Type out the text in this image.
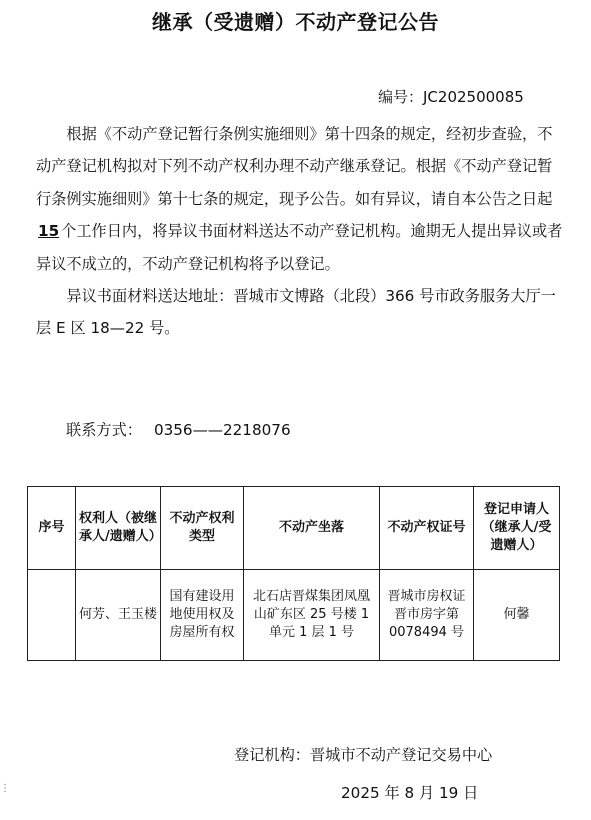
继承（受遗赠）不动产登记公告
编号：JC202500085

根据《不动产登记暂行条例实施细则》第十四条的规定，经初步查验，不动产登记机构拟对下列不动产权利办理不动产继承登记。根据《不动产登记暂行条例实施细则》第十七条的规定，现予公告。如有异议，请自本公告之日起15 个工作日内，将异议书面材料送达不动产登记机构。逾期无人提出异议或者异议不成立的，不动产登记机构将予以登记。

异议书面材料送达地址：晋城市文博路（北段）366 号市政务服务大厅一层 E 区 18—22 号。

联系方式： 0356——2218076
序号	权利人（被继承人/遗赠人）	不动产权利类型	不动产坐落	不动产权证号	登记申请人（继承人/受遗赠人）
	何芳、王玉楼	国有建设用地使用权及房屋所有权	北石店晋煤集团凤凰山矿东区 25 号楼 1 单元 1 层 1 号	晋城市房权证晋市房字第 0078494 号	何馨
登记机构：晋城市不动产登记交易中心
2025 年 8 月 19 日
⋮
